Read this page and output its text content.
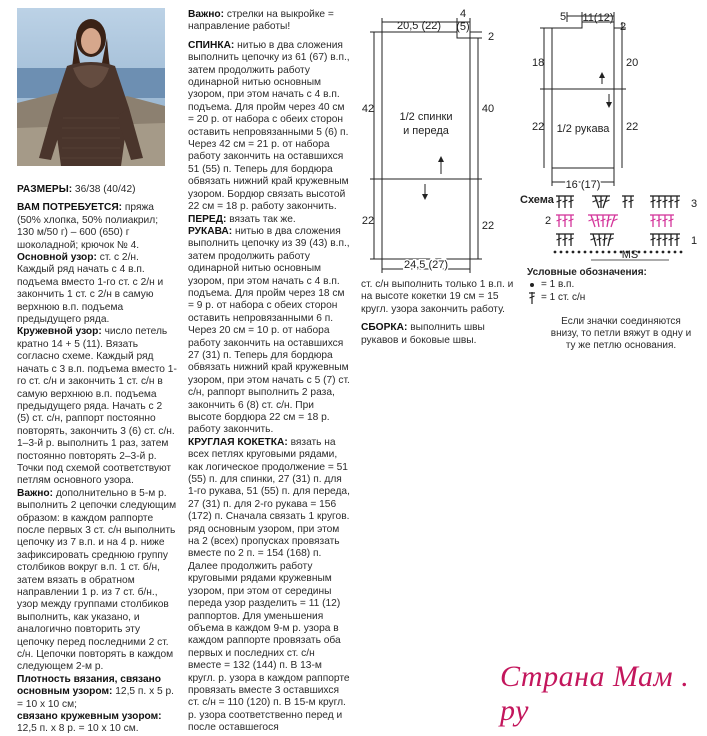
РАЗМЕРЫ: 36/38 (40/42)

ВАМ ПОТРЕБУЕТСЯ: пряжа (50% хлопка, 50% полиакрил; 130 м/50 г) – 600 (650) г шоколадной; крючок № 4.

Основной узор: ст. с 2/н. Каждый ряд начать с 4 в.п. подъема вместо 1-го ст. с 2/н и закончить 1 ст. с 2/н в самую верхнюю в.п. подъема предыдущего ряда.

Кружевной узор: число петель кратно 14 + 5 (11). Вязать согласно схеме. Каждый ряд начать с 3 в.п. подъема вместо 1-го ст. с/н и закончить 1 ст. с/н в самую верхнюю в.п. подъема предыдущего ряда. Начать с 2 (5) ст. с/н, раппорт постоянно повторять, закончить 3 (6) ст. с/н. 1–3-й р. выполнить 1 раз, затем постоянно повторять 2–3-й р. Точки под схемой соответствуют петлям основного узора.

Важно: дополнительно в 5-м р. выполнить 2 цепочки следующим образом: в каждом раппорте после первых 3 ст. с/н выполнить цепочку из 7 в.п. и на 4 р. ниже зафиксировать среднюю группу столбиков вокруг в.п. 1 ст. б/н, затем вязать в обратном направлении 1 р. из 7 ст. б/н., узор между группами столбиков выполнить, как указано, и аналогично повторить эту цепочку перед последними 2 ст. с/н. Цепочки повторять в каждом следующем 2-м р.

Плотность вязания, связано основным узором: 12,5 п. х 5 р. = 10 х 10 см;

связано кружевным узором: 12,5 п. х 8 р. = 10 х 10 см.

Важно: стрелки на выкройке = направление работы!

СПИНКА: нитью в два сложения выполнить цепочку из 61 (67) в.п., затем продолжить работу одинарной нитью основным узором, при этом начать с 4 в.п. подъема. Для пройм через 40 см = 20 р. от набора с обеих сторон оставить непровязанными 5 (6) п. Через 42 см = 21 р. от набора работу закончить на оставшихся 51 (55) п. Теперь для бордюра обвязать нижний край кружевным узором. Бордюр связать высотой 22 см = 18 р. работу закончить.

ПЕРЕД: вязать так же.

РУКАВА: нитью в два сложения выполнить цепочку из 39 (43) в.п., затем продолжить работу одинарной нитью основным узором, при этом начать с 4 в.п. подъема. Для пройм через 18 см = 9 р. от набора с обеих сторон оставить непровязанными 6 п. Через 20 см = 10 р. от набора работу закончить на оставшихся 27 (31) п. Теперь для бордюра обвязать нижний край кружевным узором, при этом начать с 5 (7) ст. с/н, раппорт выполнить 2 раза, закончить 6 (8) ст. с/н. При высоте бордюра 22 см = 18 р. работу закончить.

КРУГЛАЯ КОКЕТКА: вязать на всех петлях круговыми рядами, как логическое продолжение = 51 (55) п. для спинки, 27 (31) п. для 1-го рукава, 51 (55) п. для переда, 27 (31) п. для 2-го рукава = 156 (172) п. Сначала связать 1 кругов. ряд основным узором, при этом на 2 (всех) пропусках провязать вместе по 2 п. = 154 (168) п. Далее продолжить работу круговыми рядами кружевным узором, при этом от середины переда узор разделить = 11 (12) раппортов. Для уменьшения объема в каждом 9-м р. узора в каждом раппорте провязать оба первых и последних ст. с/н вместе = 132 (144) п. В 13-м кругл. р. узора в каждом раппорте провязать вместе 3 оставшихся ст. с/н = 110 (120) п. В 15-м кругл. р. узора соответственно перед и после оставшегося

ст. с/н выполнить только 1 в.п. и на высоте кокетки 19 см = 15 кругл. узора закончить работу.

СБОРКА: выполнить швы рукавов и боковые швы.

20,5 (22)
4
(5)
2
42	40
22	22
24,5 (27)
1/2 спинки
и переда
5 11(12)
2
18	20
22	22
16 (17)
1/2 рукава
Схема	3
2
1
MS
Условные обозначения:
= 1 в.п.
= 1 ст. с/н
Если значки соединяются внизу, то петли вяжут в одну и ту же петлю основания.
Страна Мам . ру
